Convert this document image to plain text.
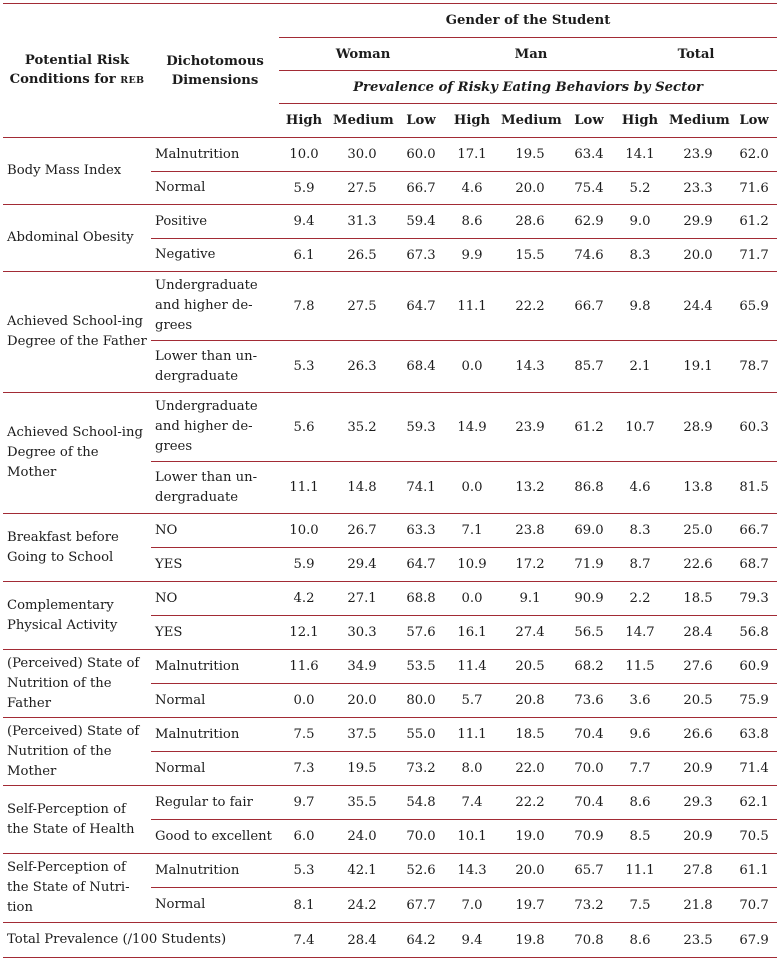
Potential Risk Conditions for REB	Dichotomous Dimensions	Gender of the Student								
		Woman			Man			Total		
		Prevalence of Risky Eating Behaviors by Sector								
		High	Medium	Low	High	Medium	Low	High	Medium	Low
Body Mass Index	Malnutrition	10.0	30.0	60.0	17.1	19.5	63.4	14.1	23.9	62.0
	Normal	5.9	27.5	66.7	4.6	20.0	75.4	5.2	23.3	71.6
Abdominal Obesity	Positive	9.4	31.3	59.4	8.6	28.6	62.9	9.0	29.9	61.2
	Negative	6.1	26.5	67.3	9.9	15.5	74.6	8.3	20.0	71.7
Achieved School-ing Degree of the Father	Undergraduate and higher de-grees	7.8	27.5	64.7	11.1	22.2	66.7	9.8	24.4	65.9
	Lower than un-dergraduate	5.3	26.3	68.4	0.0	14.3	85.7	2.1	19.1	78.7
Achieved School-ing Degree of the Mother	Undergraduate and higher de-grees	5.6	35.2	59.3	14.9	23.9	61.2	10.7	28.9	60.3
	Lower than un-dergraduate	11.1	14.8	74.1	0.0	13.2	86.8	4.6	13.8	81.5
Breakfast before Going to School	NO	10.0	26.7	63.3	7.1	23.8	69.0	8.3	25.0	66.7
	YES	5.9	29.4	64.7	10.9	17.2	71.9	8.7	22.6	68.7
Complementary Physical Activity	NO	4.2	27.1	68.8	0.0	9.1	90.9	2.2	18.5	79.3
	YES	12.1	30.3	57.6	16.1	27.4	56.5	14.7	28.4	56.8
(Perceived) State of Nutrition of the Father	Malnutrition	11.6	34.9	53.5	11.4	20.5	68.2	11.5	27.6	60.9
	Normal	0.0	20.0	80.0	5.7	20.8	73.6	3.6	20.5	75.9
(Perceived) State of Nutrition of the Mother	Malnutrition	7.5	37.5	55.0	11.1	18.5	70.4	9.6	26.6	63.8
	Normal	7.3	19.5	73.2	8.0	22.0	70.0	7.7	20.9	71.4
Self-Perception of the State of Health	Regular to fair	9.7	35.5	54.8	7.4	22.2	70.4	8.6	29.3	62.1
	Good to excellent	6.0	24.0	70.0	10.1	19.0	70.9	8.5	20.9	70.5
Self-Perception of the State of Nutri-tion	Malnutrition	5.3	42.1	52.6	14.3	20.0	65.7	11.1	27.8	61.1
	Normal	8.1	24.2	67.7	7.0	19.7	73.2	7.5	21.8	70.7
Total Prevalence (/100 Students)		7.4	28.4	64.2	9.4	19.8	70.8	8.6	23.5	67.9
